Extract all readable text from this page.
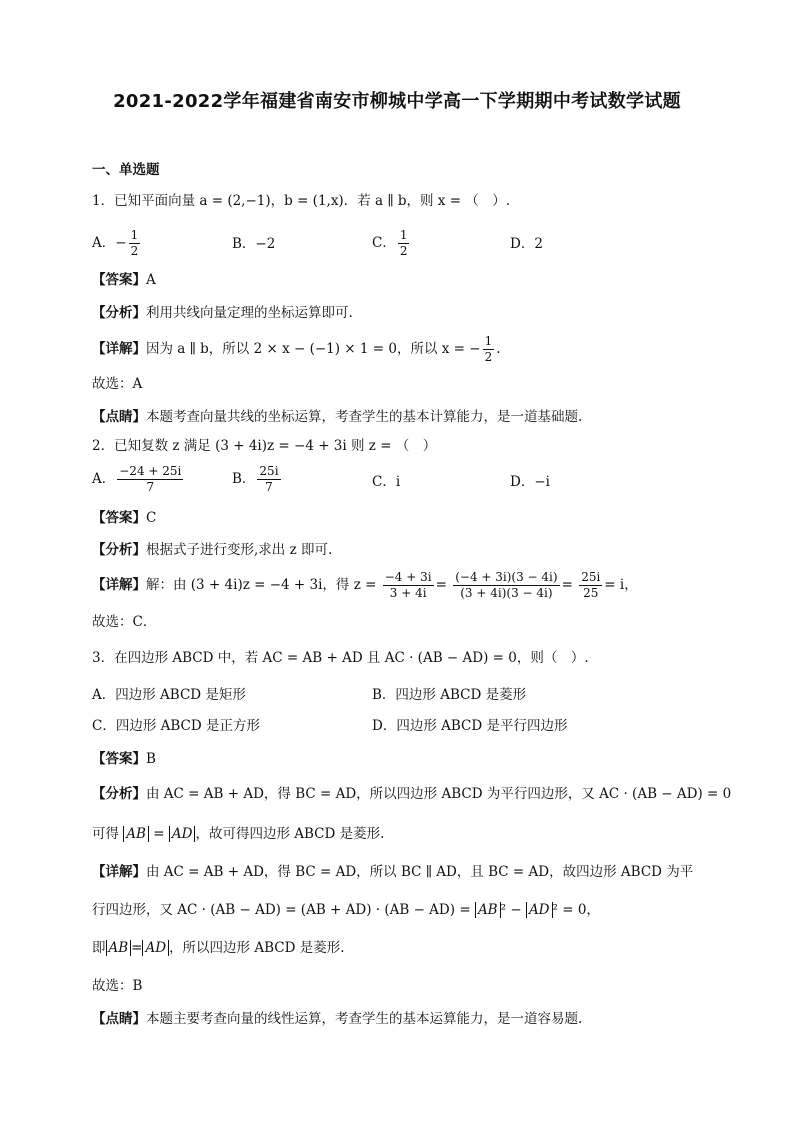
2021-2022学年福建省南安市柳城中学高一下学期期中考试数学试题
一、单选题
1．已知平面向量 a = (2,−1)，b = (1,x)．若 a ∥ b，则 x = （　）.
A．− $\frac{1}{2}$	B．−2	C． $\frac{1}{2}$	D．2
【答案】A
【分析】利用共线向量定理的坐标运算即可.
【详解】因为 a ∥ b，所以 2 × x − (−1) × 1 = 0，所以 x = − $\frac{1}{2}$ .
故选：A
【点睛】本题考查向量共线的坐标运算，考查学生的基本计算能力，是一道基础题.
2．已知复数 z 满足 (3 + 4i)z = −4 + 3i 则 z = （　）
A． $\frac{-24 + 25i}{7}$	B． $\frac{25i}{7}$	C．i	D．−i
【答案】C
【分析】根据式子进行变形,求出 z 即可.
【详解】解：由 (3 + 4i)z = −4 + 3i，得 $z = \frac{-4 + 3i}{3 + 4i} = \frac{(-4 + 3i)(3 - 4i)}{(3 + 4i)(3 - 4i)} = \frac{25i}{25} = i$，
故选：C．
3．在四边形 ABCD 中，若 AC = AB + AD 且 AC · (AB − AD) = 0，则（　）.
A．四边形 ABCD 是矩形	B．四边形 ABCD 是菱形
C．四边形 ABCD 是正方形	D．四边形 ABCD 是平行四边形
【答案】B
【分析】由 AC = AB + AD，得 BC = AD，所以四边形 ABCD 为平行四边形，又 AC · (AB − AD) = 0
可得 AB = AD ，故可得四边形 ABCD 是菱形.
【详解】由 AC = AB + AD，得 BC = AD，所以 BC ∥ AD，且 BC = AD，故四边形 ABCD 为平
行四边形，又 AC · (AB − AD) = (AB + AD) · (AB − AD) = AB ² − AD ² = 0，
即 AB = AD ，所以四边形 ABCD 是菱形.
故选：B
【点睛】本题主要考查向量的线性运算，考查学生的基本运算能力，是一道容易题.
